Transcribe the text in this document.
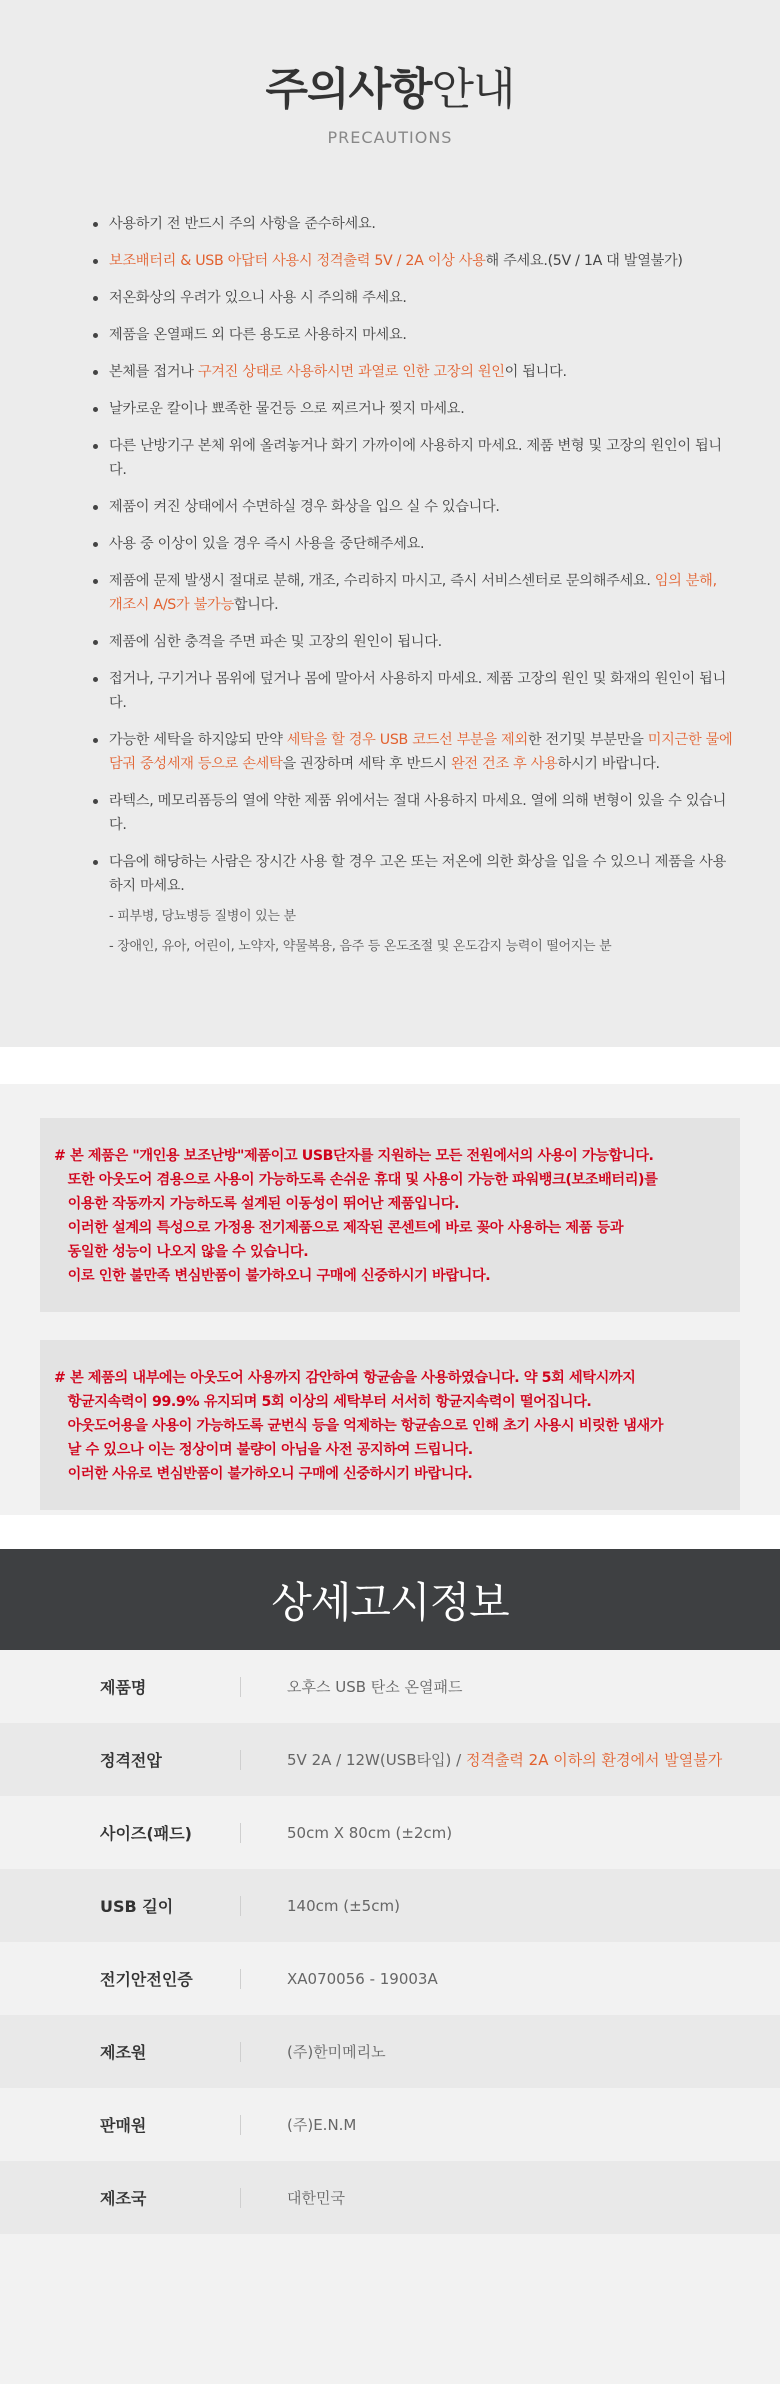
주의사항안내
PRECAUTIONS
사용하기 전 반드시 주의 사항을 준수하세요.
보조배터리 & USB 아답터 사용시 정격출력 5V / 2A 이상 사용해 주세요.(5V / 1A 대 발열불가)
저온화상의 우려가 있으니 사용 시 주의해 주세요.
제품을 온열패드 외 다른 용도로 사용하지 마세요.
본체를 접거나 구겨진 상태로 사용하시면 과열로 인한 고장의 원인이 됩니다.
날카로운 칼이나 뾰족한 물건등 으로 찌르거나 찢지 마세요.
다른 난방기구 본체 위에 올려놓거나 화기 가까이에 사용하지 마세요. 제품 변형 및 고장의 원인이 됩니다.
제품이 켜진 상태에서 수면하실 경우 화상을 입으 실 수 있습니다.
사용 중 이상이 있을 경우 즉시 사용을 중단해주세요.
제품에 문제 발생시 절대로 분해, 개조, 수리하지 마시고, 즉시 서비스센터로 문의해주세요. 임의 분해, 개조시 A/S가 불가능합니다.
제품에 심한 충격을 주면 파손 및 고장의 원인이 됩니다.
접거나, 구기거나 몸위에 덮거나 몸에 말아서 사용하지 마세요. 제품 고장의 원인 및 화재의 원인이 됩니다.
가능한 세탁을 하지않되 만약 세탁을 할 경우 USB 코드선 부분을 제외한 전기및 부분만을 미지근한 물에 담궈 중성세재 등으로 손세탁을 권장하며 세탁 후 반드시 완전 건조 후 사용하시기 바랍니다.
라텍스, 메모리폼등의 열에 약한 제품 위에서는 절대 사용하지 마세요. 열에 의해 변형이 있을 수 있습니다.
다음에 해당하는 사람은 장시간 사용 할 경우 고온 또는 저온에 의한 화상을 입을 수 있으니 제품을 사용하지 마세요.
- 피부병, 당뇨병등 질병이 있는 분
- 장애인, 유아, 어린이, 노약자, 약물복용, 음주 등 온도조절 및 온도감지 능력이 떨어지는 분
# 본 제품은 "개인용 보조난방"제품이고 USB단자를 지원하는 모든 전원에서의 사용이 가능합니다.
또한 아웃도어 겸용으로 사용이 가능하도록 손쉬운 휴대 및 사용이 가능한 파워뱅크(보조배터리)를
이용한 작동까지 가능하도록 설계된 이동성이 뛰어난 제품입니다.
이러한 설계의 특성으로 가정용 전기제품으로 제작된 콘센트에 바로 꽂아 사용하는 제품 등과
동일한 성능이 나오지 않을 수 있습니다.
이로 인한 불만족 변심반품이 불가하오니 구매에 신중하시기 바랍니다.
# 본 제품의 내부에는 아웃도어 사용까지 감안하여 항균솜을 사용하였습니다. 약 5회 세탁시까지
항균지속력이 99.9% 유지되며 5회 이상의 세탁부터 서서히 항균지속력이 떨어집니다.
아웃도어용을 사용이 가능하도록 균번식 등을 억제하는 항균솜으로 인해 초기 사용시 비릿한 냄새가
날 수 있으나 이는 정상이며 불량이 아님을 사전 공지하여 드립니다.
이러한 사유로 변심반품이 불가하오니 구매에 신중하시기 바랍니다.
상세고시정보
제품명	오후스 USB 탄소 온열패드
정격전압	5V 2A / 12W(USB타입) / 정격출력 2A 이하의 환경에서 발열불가
사이즈(패드)	50cm X 80cm (±2cm)
USB 길이	140cm (±5cm)
전기안전인증	XA070056 - 19003A
제조원	(주)한미메리노
판매원	(주)E.N.M
제조국	대한민국
